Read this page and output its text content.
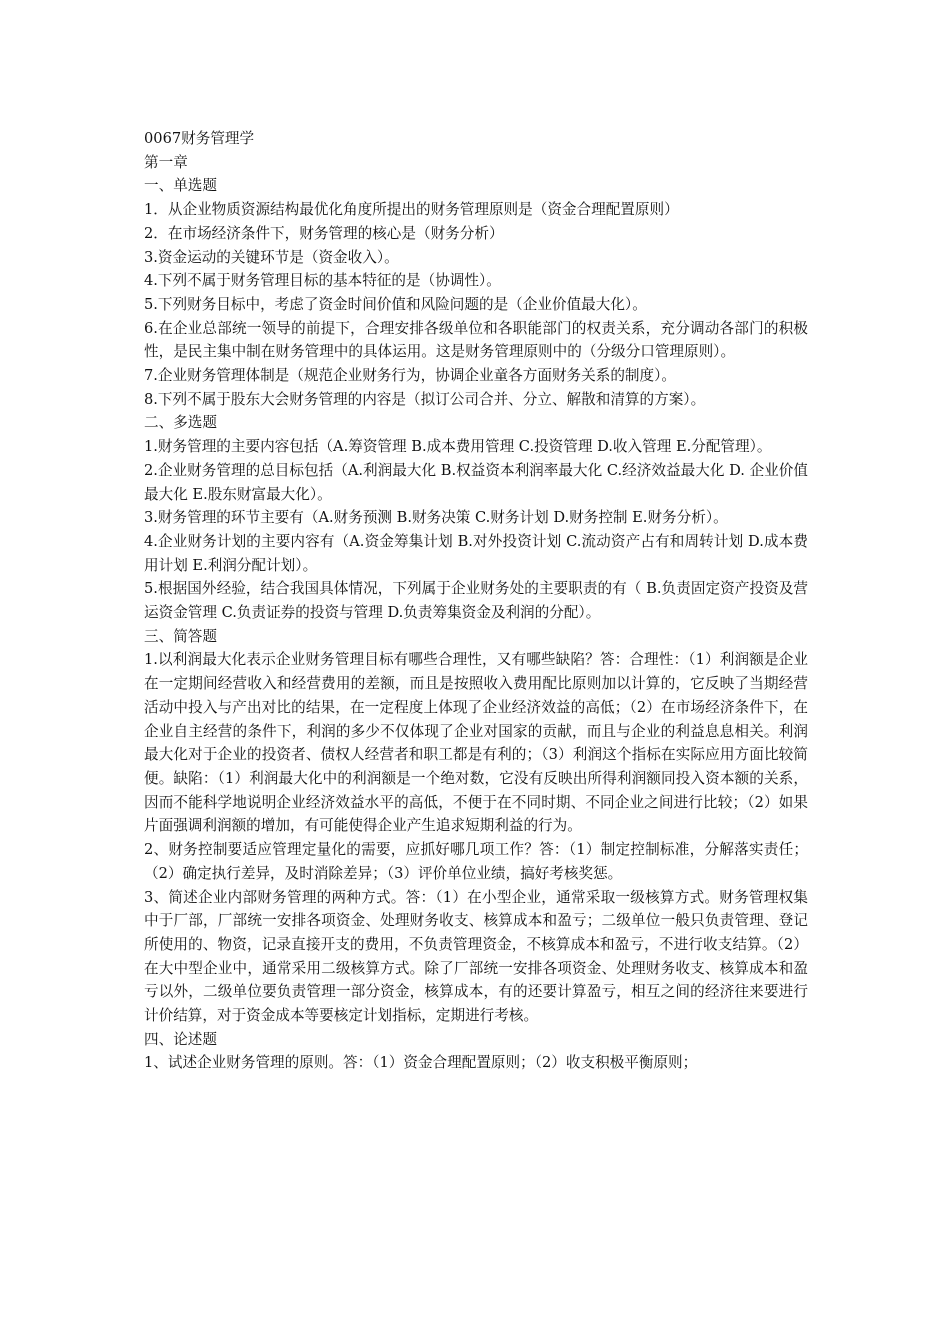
0067财务管理学
第一章
一、单选题
1．从企业物质资源结构最优化角度所提出的财务管理原则是（资金合理配置原则）
2．在市场经济条件下，财务管理的核心是（财务分析）
3.资金运动的关键环节是（资金收入）。
4.下列不属于财务管理目标的基本特征的是（协调性）。
5.下列财务目标中，考虑了资金时间价值和风险问题的是（企业价值最大化）。
6.在企业总部统一领导的前提下，合理安排各级单位和各职能部门的权责关系，充分调动各部门的积极性，是民主集中制在财务管理中的具体运用。这是财务管理原则中的（分级分口管理原则）。
7.企业财务管理体制是（规范企业财务行为，协调企业童各方面财务关系的制度）。
8.下列不属于股东大会财务管理的内容是（拟订公司合并、分立、解散和清算的方案）。
二、多选题
1.财务管理的主要内容包括（A.筹资管理 B.成本费用管理 C.投资管理 D.收入管理 E.分配管理）。
2.企业财务管理的总目标包括（A.利润最大化 B.权益资本利润率最大化 C.经济效益最大化 D. 企业价值最大化 E.股东财富最大化）。
3.财务管理的环节主要有（A.财务预测 B.财务决策 C.财务计划 D.财务控制 E.财务分析）。
4.企业财务计划的主要内容有（A.资金筹集计划 B.对外投资计划 C.流动资产占有和周转计划 D.成本费用计划 E.利润分配计划）。
5.根据国外经验，结合我国具体情况，下列属于企业财务处的主要职责的有（ B.负责固定资产投资及营运资金管理 C.负责证券的投资与管理 D.负责筹集资金及利润的分配）。
三、简答题
1.以利润最大化表示企业财务管理目标有哪些合理性，又有哪些缺陷？答：合理性：（1）利润额是企业在一定期间经营收入和经营费用的差额，而且是按照收入费用配比原则加以计算的，它反映了当期经营活动中投入与产出对比的结果，在一定程度上体现了企业经济效益的高低；（2）在市场经济条件下，在企业自主经营的条件下，利润的多少不仅体现了企业对国家的贡献，而且与企业的利益息息相关。利润最大化对于企业的投资者、债权人经营者和职工都是有利的；（3）利润这个指标在实际应用方面比较简便。缺陷：（1）利润最大化中的利润额是一个绝对数，它没有反映出所得利润额同投入资本额的关系，因而不能科学地说明企业经济效益水平的高低，不便于在不同时期、不同企业之间进行比较；（2）如果片面强调利润额的增加，有可能使得企业产生追求短期利益的行为。
2、财务控制要适应管理定量化的需要，应抓好哪几项工作？答：（1）制定控制标准，分解落实责任；（2）确定执行差异，及时消除差异；（3）评价单位业绩，搞好考核奖惩。
3、简述企业内部财务管理的两种方式。答：（1）在小型企业，通常采取一级核算方式。财务管理权集中于厂部，厂部统一安排各项资金、处理财务收支、核算成本和盈亏；二级单位一般只负责管理、登记所使用的、物资，记录直接开支的费用，不负责管理资金，不核算成本和盈亏，不进行收支结算。（2）在大中型企业中，通常采用二级核算方式。除了厂部统一安排各项资金、处理财务收支、核算成本和盈亏以外，二级单位要负责管理一部分资金，核算成本，有的还要计算盈亏，相互之间的经济往来要进行计价结算，对于资金成本等要核定计划指标，定期进行考核。
四、论述题
1、试述企业财务管理的原则。答：（1）资金合理配置原则；（2）收支积极平衡原则；
